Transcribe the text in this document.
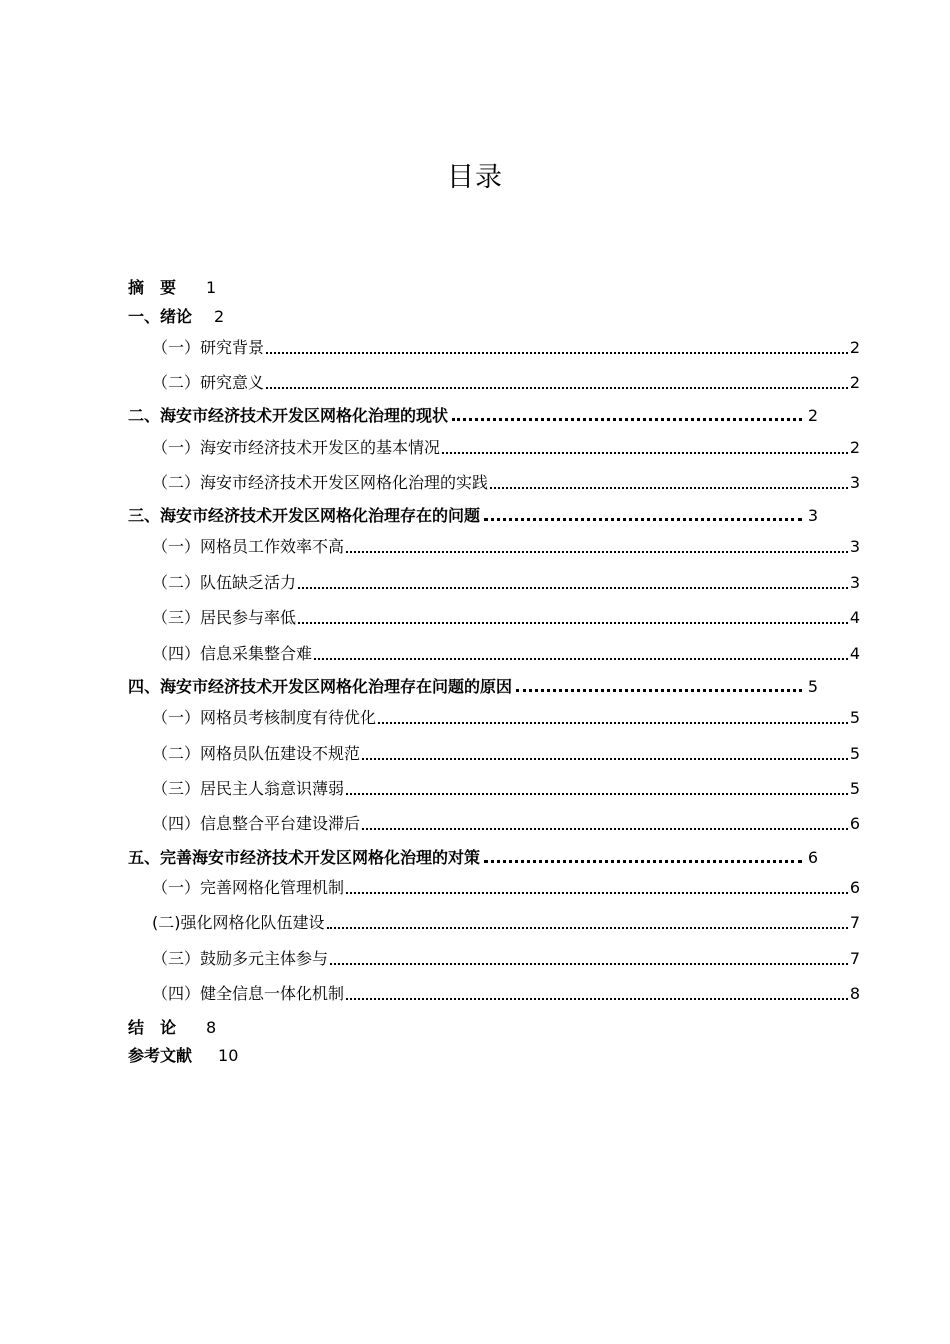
目录
摘　要 1
一、绪论 2
（一）研究背景	2
（二）研究意义	2
二、海安市经济技术开发区网格化治理的现状	2
（一）海安市经济技术开发区的基本情况	2
（二）海安市经济技术开发区网格化治理的实践	3
三、海安市经济技术开发区网格化治理存在的问题	3
（一）网格员工作效率不高	3
（二）队伍缺乏活力	3
（三）居民参与率低	4
（四）信息采集整合难	4
四、海安市经济技术开发区网格化治理存在问题的原因	5
（一）网格员考核制度有待优化	5
（二）网格员队伍建设不规范	5
（三）居民主人翁意识薄弱	5
（四）信息整合平台建设滞后	6
五、完善海安市经济技术开发区网格化治理的对策	6
（一）完善网格化管理机制	6
(二)强化网格化队伍建设	7
（三）鼓励多元主体参与	7
（四）健全信息一体化机制	8
结　论 8
参考文献 10
